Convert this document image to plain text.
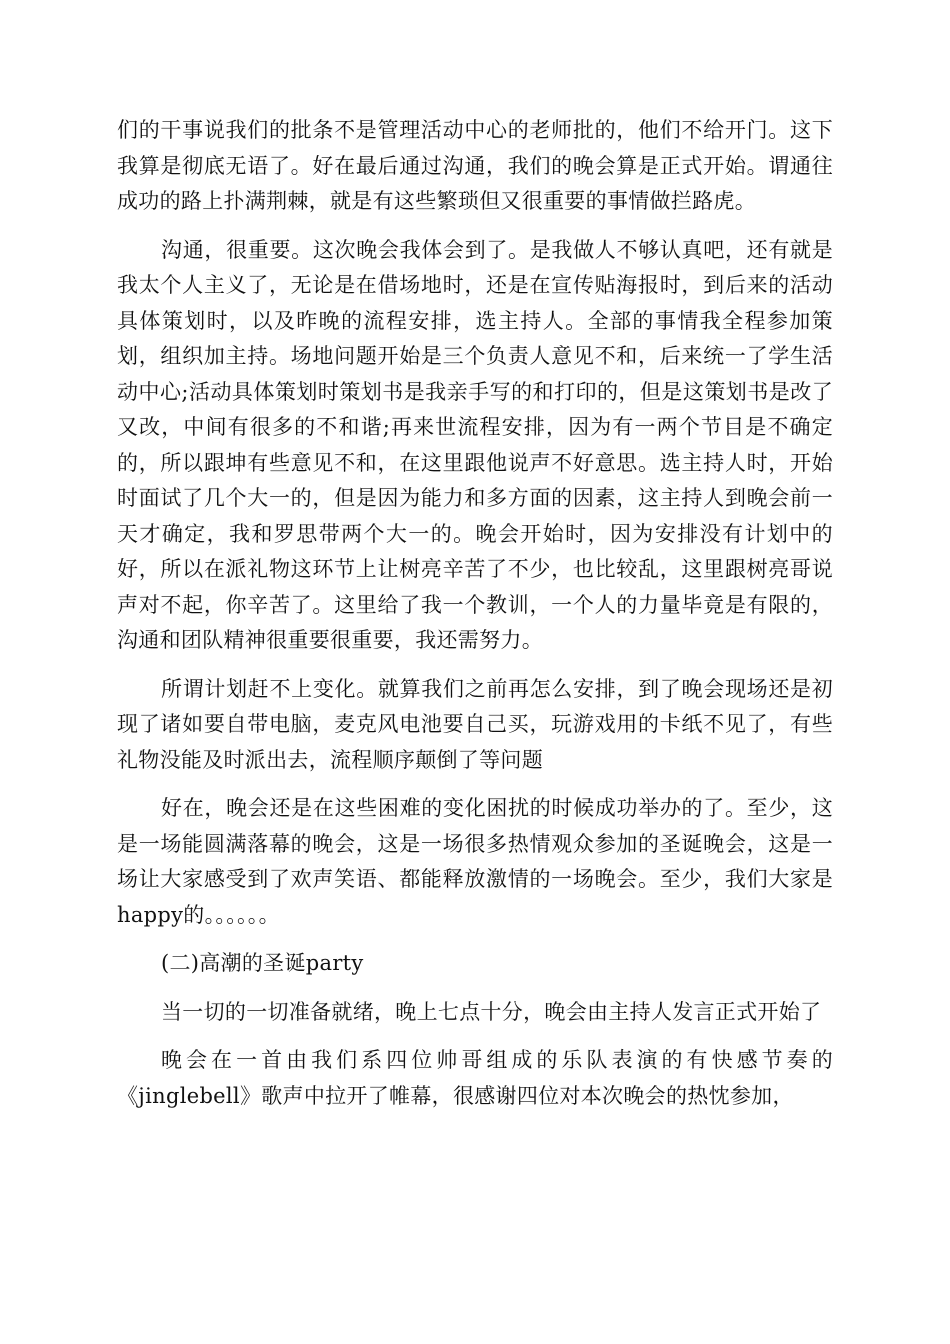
们的干事说我们的批条不是管理活动中心的老师批的，他们不给开门。这下我算是彻底无语了。好在最后通过沟通，我们的晚会算是正式开始。谓通往成功的路上扑满荆棘，就是有这些繁琐但又很重要的事情做拦路虎。

沟通，很重要。这次晚会我体会到了。是我做人不够认真吧，还有就是我太个人主义了，无论是在借场地时，还是在宣传贴海报时，到后来的活动具体策划时，以及昨晚的流程安排，选主持人。全部的事情我全程参加策划，组织加主持。场地问题开始是三个负责人意见不和，后来统一了学生活动中心;活动具体策划时策划书是我亲手写的和打印的，但是这策划书是改了又改，中间有很多的不和谐;再来世流程安排，因为有一两个节目是不确定的，所以跟坤有些意见不和，在这里跟他说声不好意思。选主持人时，开始时面试了几个大一的，但是因为能力和多方面的因素，这主持人到晚会前一天才确定，我和罗思带两个大一的。晚会开始时，因为安排没有计划中的好，所以在派礼物这环节上让树亮辛苦了不少，也比较乱，这里跟树亮哥说声对不起，你辛苦了。这里给了我一个教训，一个人的力量毕竟是有限的，沟通和团队精神很重要很重要，我还需努力。

所谓计划赶不上变化。就算我们之前再怎么安排，到了晚会现场还是初现了诸如要自带电脑，麦克风电池要自己买，玩游戏用的卡纸不见了，有些礼物没能及时派出去，流程顺序颠倒了等问题

好在，晚会还是在这些困难的变化困扰的时候成功举办的了。至少，这是一场能圆满落幕的晚会，这是一场很多热情观众参加的圣诞晚会，这是一场让大家感受到了欢声笑语、都能释放激情的一场晚会。至少，我们大家是happy的。。。。。。

(二)高潮的圣诞party

当一切的一切准备就绪，晚上七点十分，晚会由主持人发言正式开始了

晚会在一首由我们系四位帅哥组成的乐队表演的有快感节奏的《jinglebell》歌声中拉开了帷幕，很感谢四位对本次晚会的热忱参加，
